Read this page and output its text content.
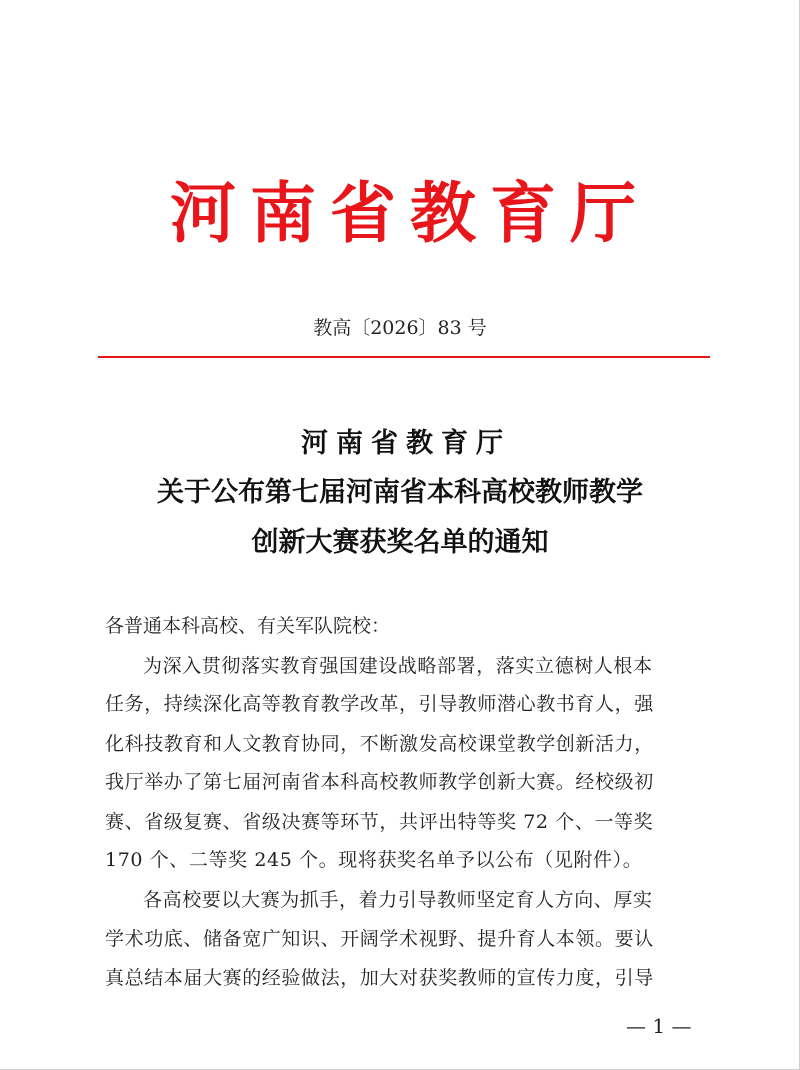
河南省教育厅
教高〔2026〕83 号
河南省教育厅
关于公布第七届河南省本科高校教师教学
创新大赛获奖名单的通知
各普通本科高校、有关军队院校：
为深入贯彻落实教育强国建设战略部署，落实立德树人根本
任务，持续深化高等教育教学改革，引导教师潜心教书育人，强
化科技教育和人文教育协同，不断激发高校课堂教学创新活力，
我厅举办了第七届河南省本科高校教师教学创新大赛。经校级初
赛、省级复赛、省级决赛等环节，共评出特等奖 72 个、一等奖
170 个、二等奖 245 个。现将获奖名单予以公布（见附件）。
各高校要以大赛为抓手，着力引导教师坚定育人方向、厚实
学术功底、储备宽广知识、开阔学术视野、提升育人本领。要认
真总结本届大赛的经验做法，加大对获奖教师的宣传力度，引导
— 1 —
